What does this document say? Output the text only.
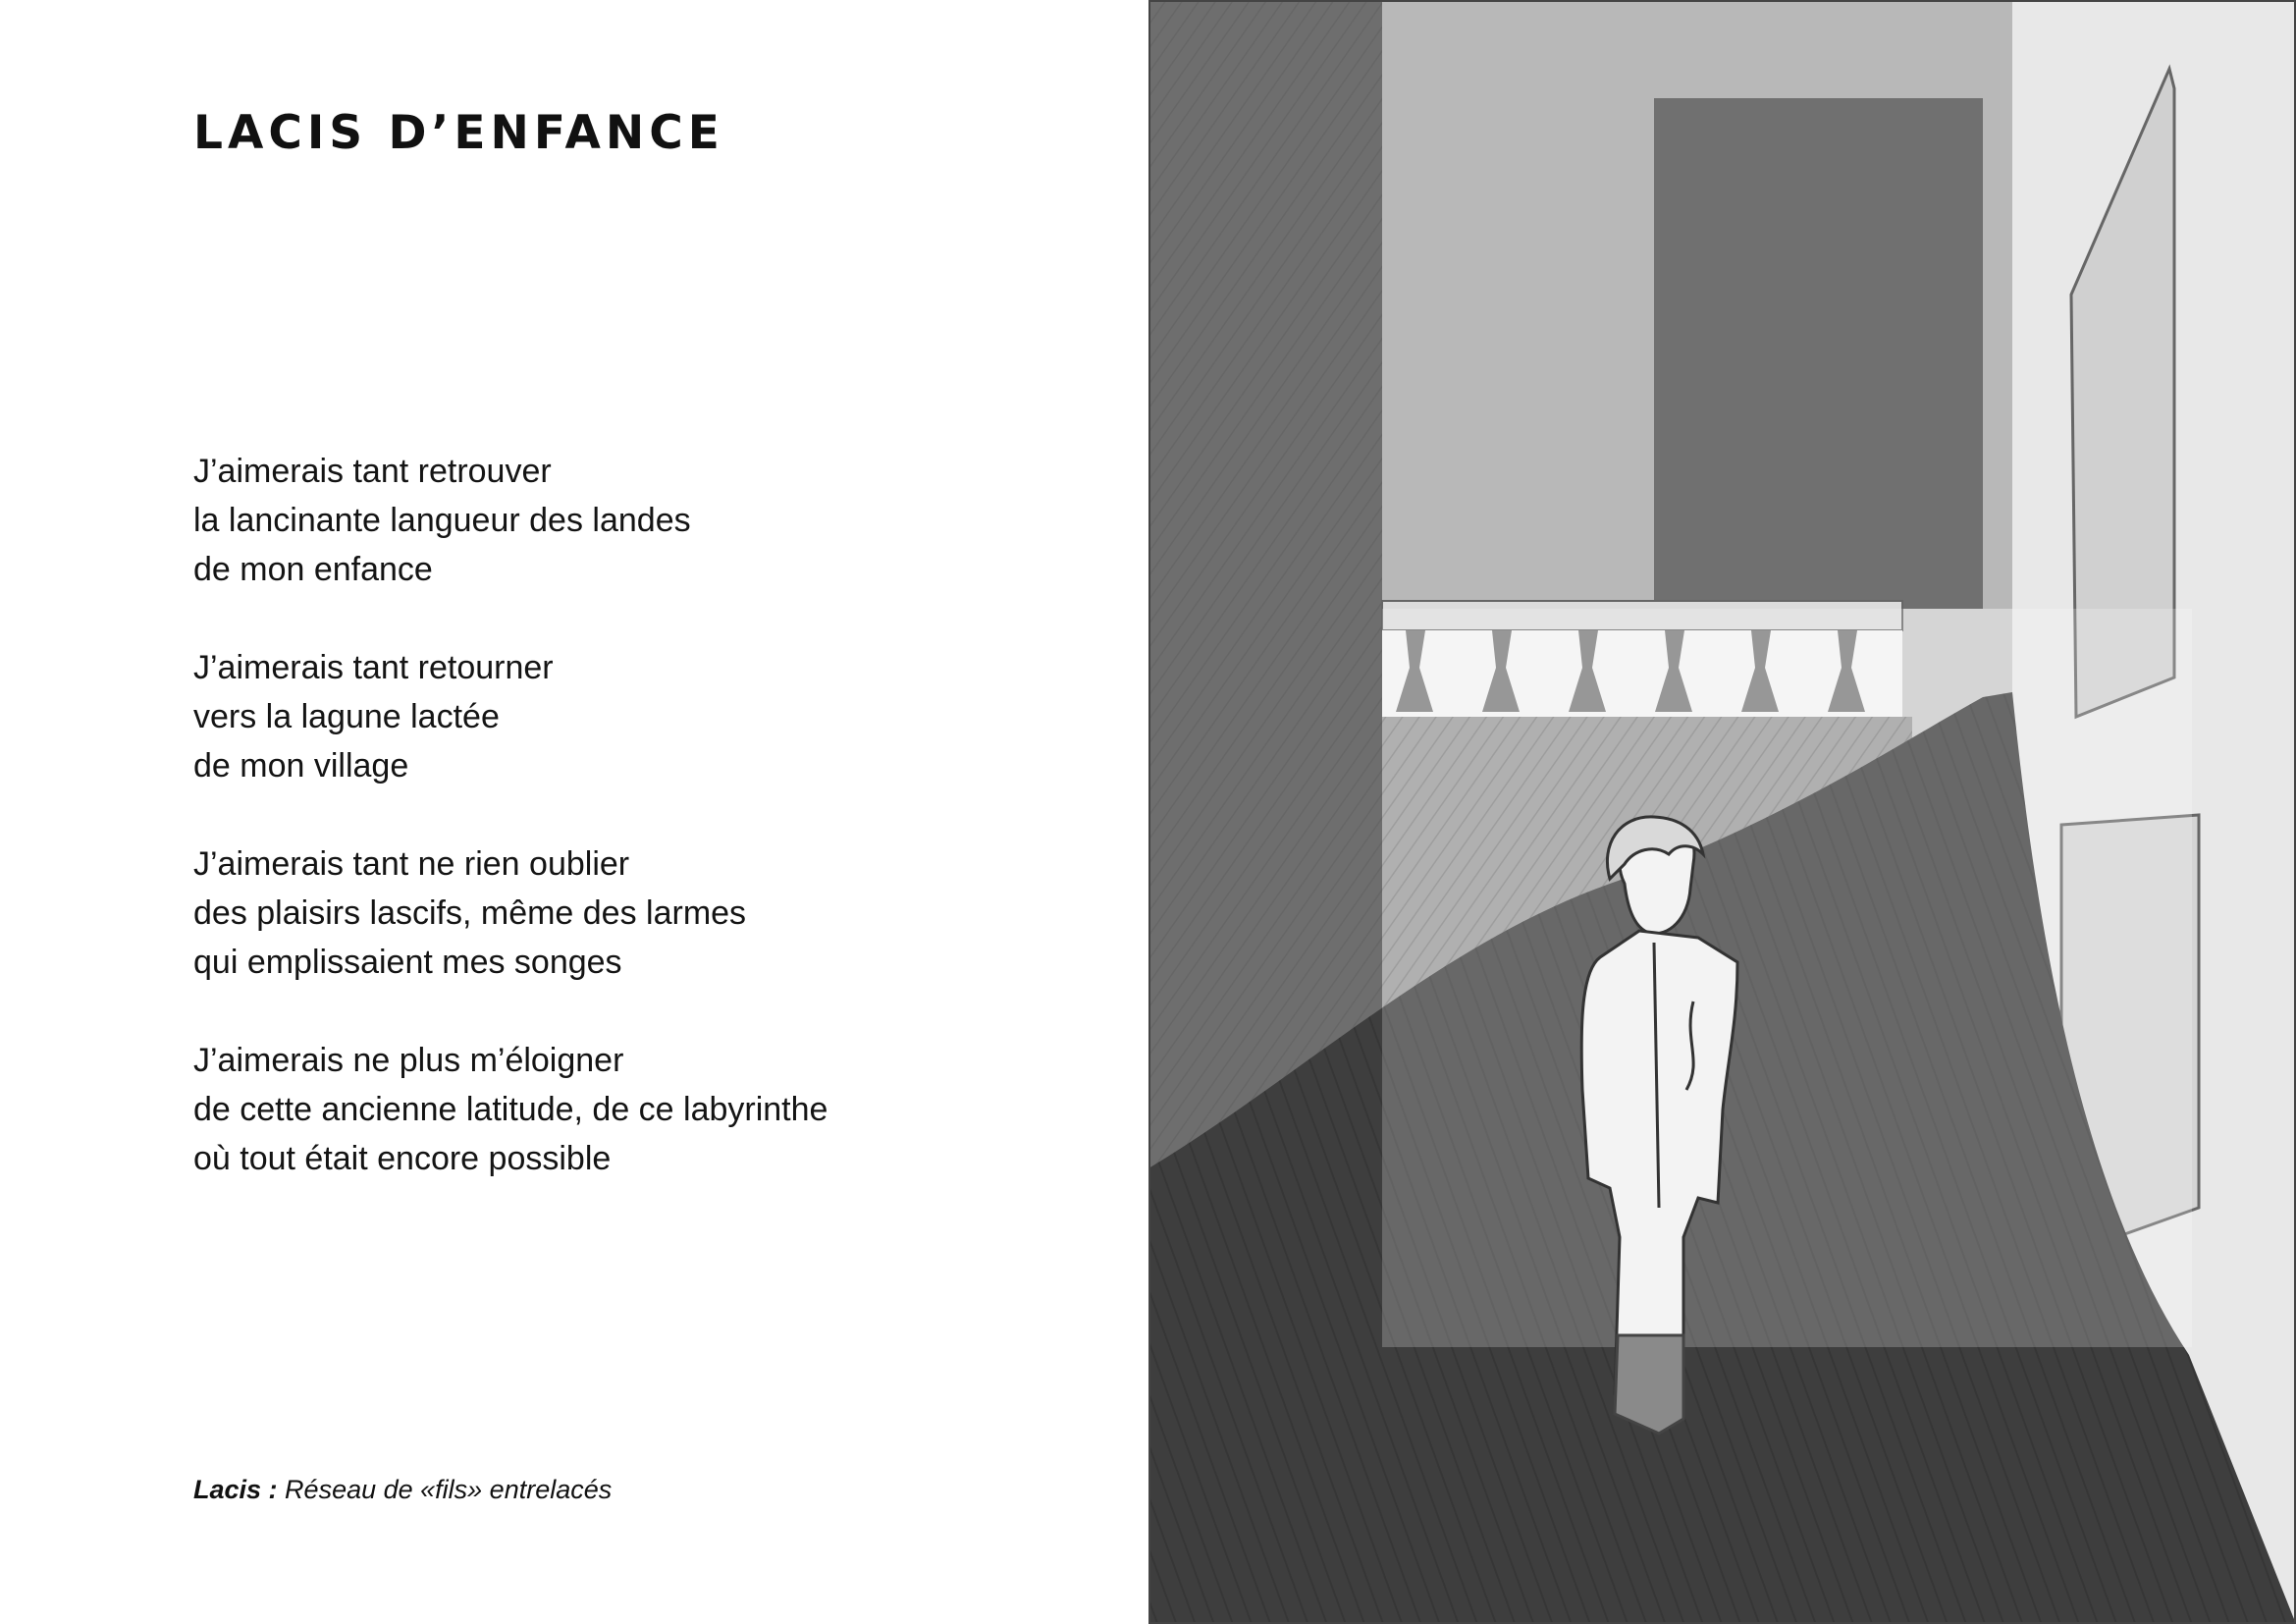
LACIS D’ENFANCE

J’aimerais tant retrouver
la lancinante langueur des landes
de mon enfance

J’aimerais tant retourner
vers la lagune lactée
de mon village

J’aimerais tant ne rien oublier
des plaisirs lascifs, même des larmes
qui emplissaient mes songes

J’aimerais ne plus m’éloigner
de cette ancienne latitude, de ce labyrinthe
où tout était encore possible

Lacis : Réseau de «fils» entrelacés
